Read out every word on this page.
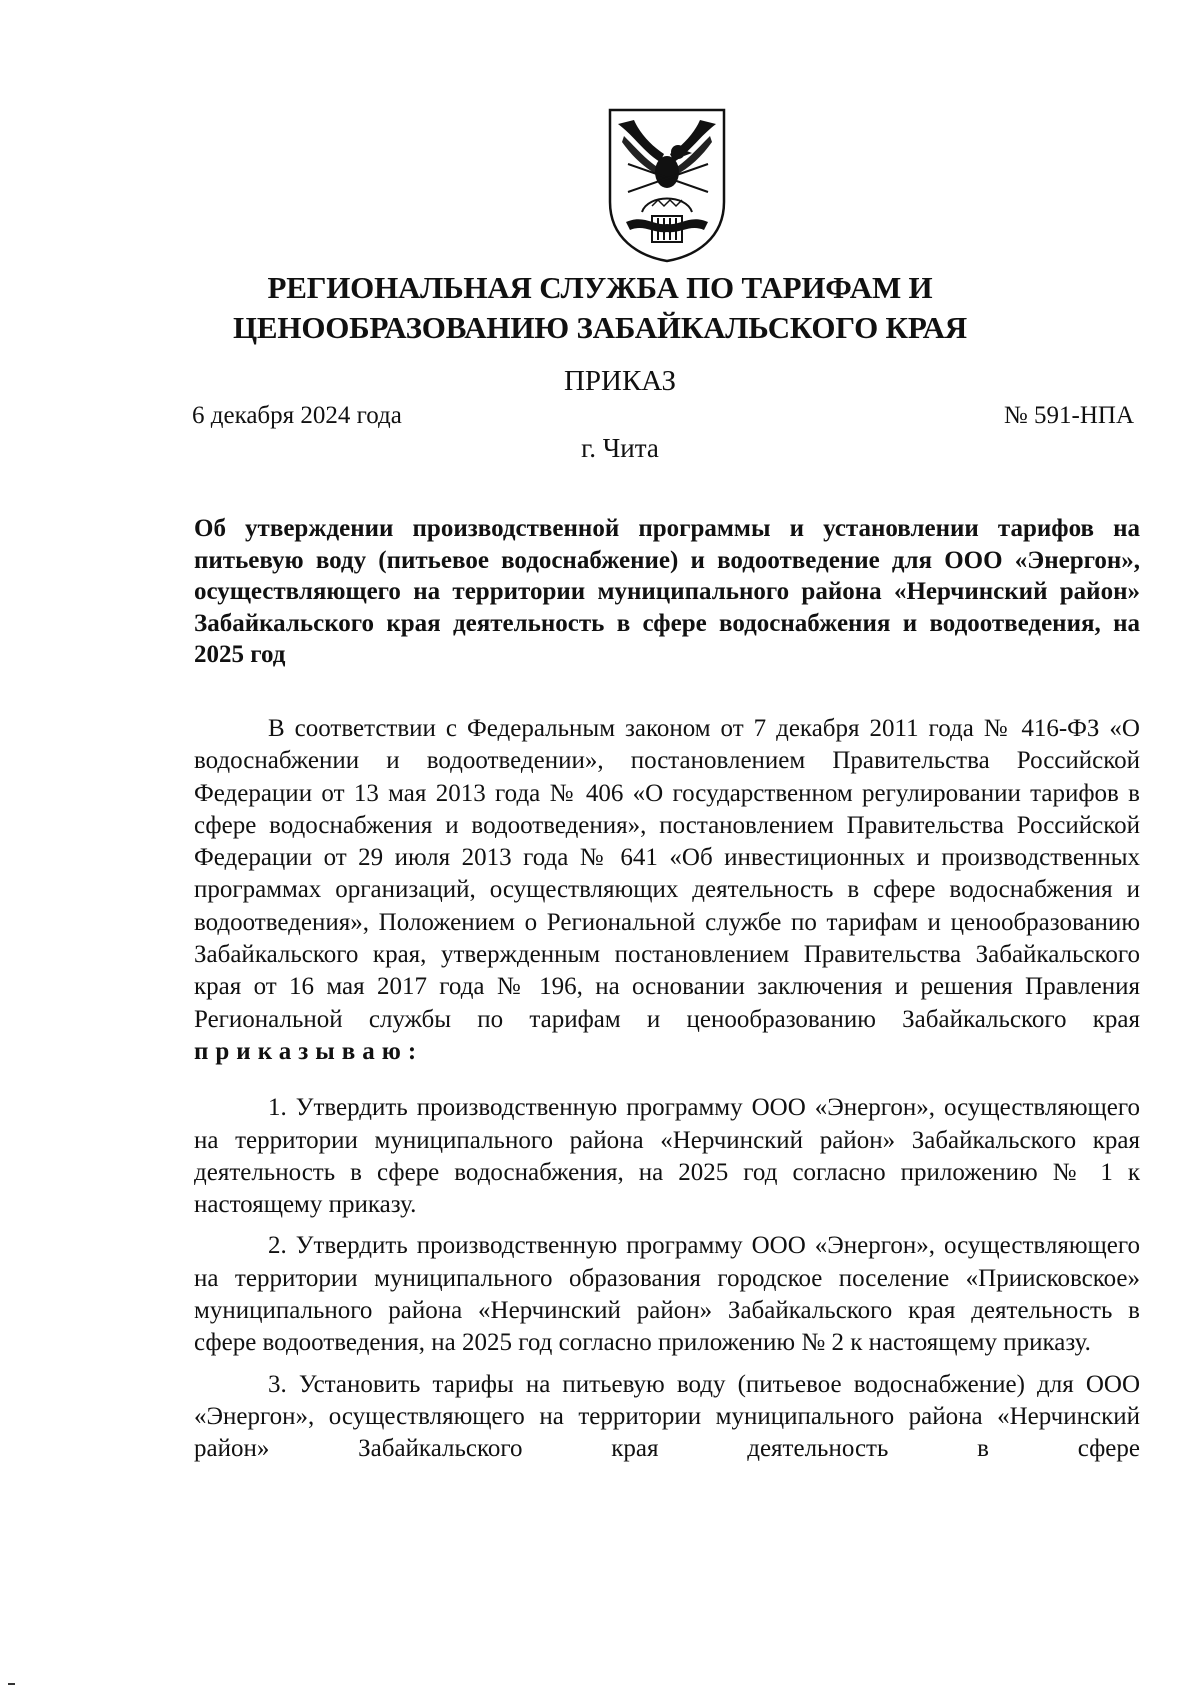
РЕГИОНАЛЬНАЯ СЛУЖБА ПО ТАРИФАМ И
ЦЕНООБРАЗОВАНИЮ ЗАБАЙКАЛЬСКОГО КРАЯ
ПРИКАЗ
6 декабря 2024 года	№ 591-НПА
г. Чита
Об утверждении производственной программы и установлении тарифов на питьевую воду (питьевое водоснабжение) и водоотведение для ООО «Энергон», осуществляющего на территории муниципального района «Нерчинский район» Забайкальского края деятельность в сфере водоснабжения и водоотведения, на 2025 год

В соответствии с Федеральным законом от 7 декабря 2011 года № 416-ФЗ «О водоснабжении и водоотведении», постановлением Правительства Российской Федерации от 13 мая 2013 года № 406 «О государственном регулировании тарифов в сфере водоснабжения и водоотведения», постановлением Правительства Российской Федерации от 29 июля 2013 года № 641 «Об инвестиционных и производственных программах организаций, осуществляющих деятельность в сфере водоснабжения и водоотведения», Положением о Региональной службе по тарифам и ценообразованию Забайкальского края, утвержденным постановлением Правительства Забайкальского края от 16 мая 2017 года № 196, на основании заключения и решения Правления Региональной службы по тарифам и ценообразованию Забайкальского края приказываю:

1. Утвердить производственную программу ООО «Энергон», осуществляющего на территории муниципального района «Нерчинский район» Забайкальского края деятельность в сфере водоснабжения, на 2025 год согласно приложению № 1 к настоящему приказу.

2. Утвердить производственную программу ООО «Энергон», осуществляющего на территории муниципального образования городское поселение «Приисковское» муниципального района «Нерчинский район» Забайкальского края деятельность в сфере водоотведения, на 2025 год согласно приложению № 2 к настоящему приказу.

3. Установить тарифы на питьевую воду (питьевое водоснабжение) для ООО «Энергон», осуществляющего на территории муниципального района «Нерчинский район» Забайкальского края деятельность в сфере
